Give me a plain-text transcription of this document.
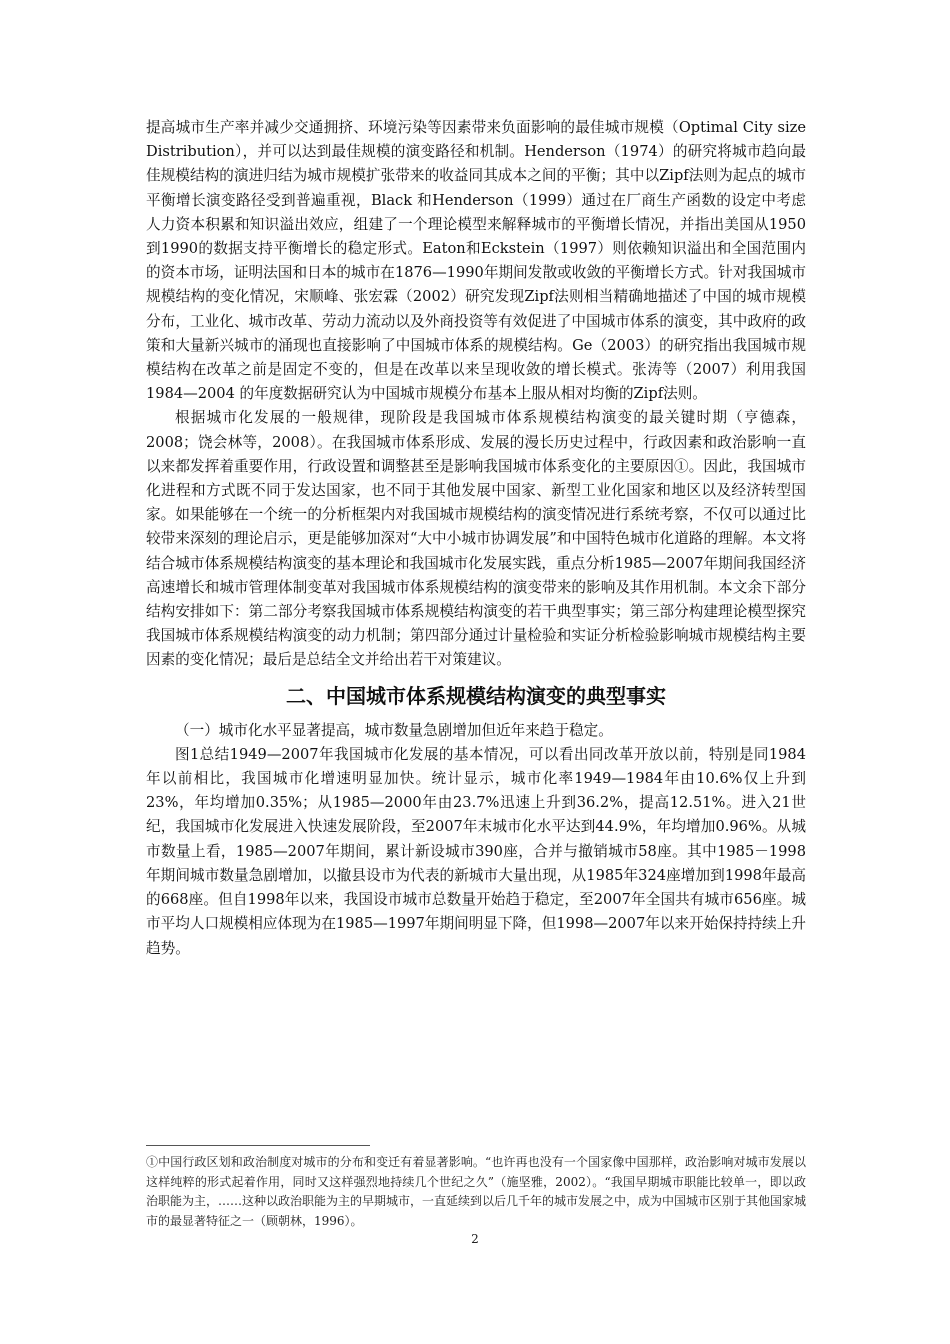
提高城市生产率并减少交通拥挤、环境污染等因素带来负面影响的最佳城市规模（Optimal City size Distribution），并可以达到最佳规模的演变路径和机制。Henderson（1974）的研究将城市趋向最佳规模结构的演进归结为城市规模扩张带来的收益同其成本之间的平衡；其中以Zipf法则为起点的城市平衡增长演变路径受到普遍重视，Black 和Henderson（1999）通过在厂商生产函数的设定中考虑人力资本积累和知识溢出效应，组建了一个理论模型来解释城市的平衡增长情况，并指出美国从1950到1990的数据支持平衡增长的稳定形式。Eaton和Eckstein（1997）则依赖知识溢出和全国范围内的资本市场，证明法国和日本的城市在1876—1990年期间发散或收敛的平衡增长方式。针对我国城市规模结构的变化情况，宋顺峰、张宏霖（2002）研究发现Zipf法则相当精确地描述了中国的城市规模分布，工业化、城市改革、劳动力流动以及外商投资等有效促进了中国城市体系的演变，其中政府的政策和大量新兴城市的涌现也直接影响了中国城市体系的规模结构。Ge（2003）的研究指出我国城市规模结构在改革之前是固定不变的，但是在改革以来呈现收敛的增长模式。张涛等（2007）利用我国 1984—2004 的年度数据研究认为中国城市规模分布基本上服从相对均衡的Zipf法则。

根据城市化发展的一般规律，现阶段是我国城市体系规模结构演变的最关键时期（亨德森，2008；饶会林等，2008）。在我国城市体系形成、发展的漫长历史过程中，行政因素和政治影响一直以来都发挥着重要作用，行政设置和调整甚至是影响我国城市体系变化的主要原因①。因此，我国城市化进程和方式既不同于发达国家，也不同于其他发展中国家、新型工业化国家和地区以及经济转型国家。如果能够在一个统一的分析框架内对我国城市规模结构的演变情况进行系统考察，不仅可以通过比较带来深刻的理论启示，更是能够加深对“大中小城市协调发展”和中国特色城市化道路的理解。本文将结合城市体系规模结构演变的基本理论和我国城市化发展实践，重点分析1985—2007年期间我国经济高速增长和城市管理体制变革对我国城市体系规模结构的演变带来的影响及其作用机制。本文余下部分结构安排如下：第二部分考察我国城市体系规模结构演变的若干典型事实；第三部分构建理论模型探究我国城市体系规模结构演变的动力机制；第四部分通过计量检验和实证分析检验影响城市规模结构主要因素的变化情况；最后是总结全文并给出若干对策建议。

二、中国城市体系规模结构演变的典型事实

（一）城市化水平显著提高，城市数量急剧增加但近年来趋于稳定。

图1总结1949—2007年我国城市化发展的基本情况，可以看出同改革开放以前，特别是同1984年以前相比，我国城市化增速明显加快。统计显示，城市化率1949—1984年由10.6%仅上升到23%，年均增加0.35%；从1985—2000年由23.7%迅速上升到36.2%，提高12.51%。进入21世纪，我国城市化发展进入快速发展阶段，至2007年末城市化水平达到44.9%，年均增加0.96%。从城市数量上看，1985—2007年期间，累计新设城市390座，合并与撤销城市58座。其中1985－1998年期间城市数量急剧增加，以撤县设市为代表的新城市大量出现，从1985年324座增加到1998年最高的668座。但自1998年以来，我国设市城市总数量开始趋于稳定，至2007年全国共有城市656座。城市平均人口规模相应体现为在1985—1997年期间明显下降，但1998—2007年以来开始保持持续上升趋势。

①中国行政区划和政治制度对城市的分布和变迁有着显著影响。“也许再也没有一个国家像中国那样，政治影响对城市发展以这样纯粹的形式起着作用，同时又这样强烈地持续几个世纪之久”（施坚雅，2002）。“我国早期城市职能比较单一，即以政治职能为主，……这种以政治职能为主的早期城市，一直延续到以后几千年的城市发展之中，成为中国城市区别于其他国家城市的最显著特征之一（顾朝林，1996）。
2
